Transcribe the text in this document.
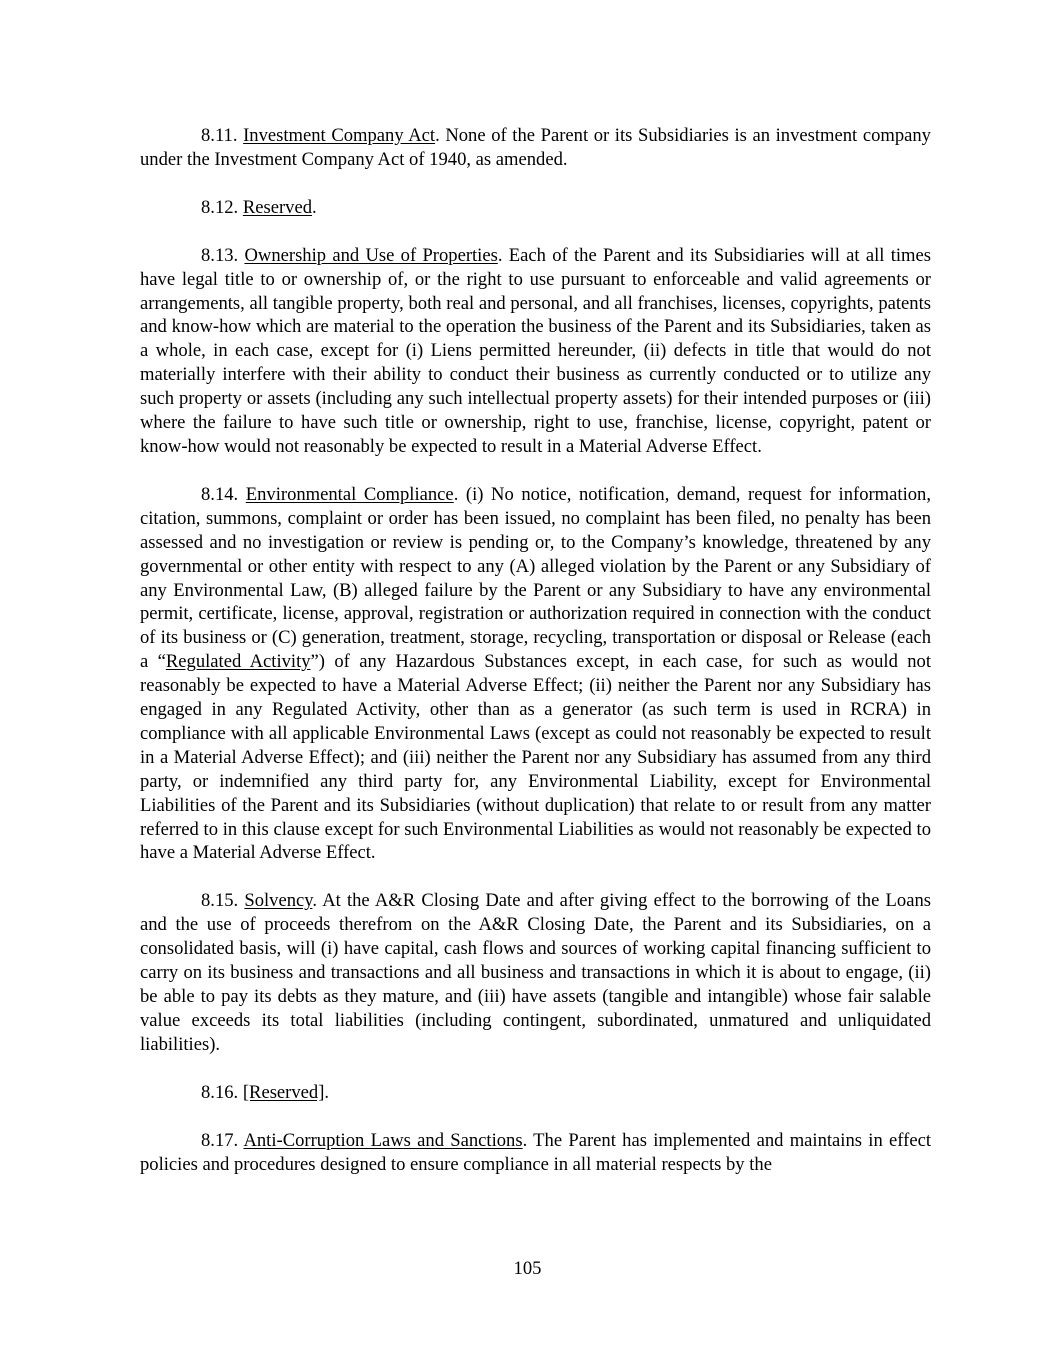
8.11. Investment Company Act. None of the Parent or its Subsidiaries is an investment company under the Investment Company Act of 1940, as amended.

8.12. Reserved.

8.13. Ownership and Use of Properties. Each of the Parent and its Subsidiaries will at all times have legal title to or ownership of, or the right to use pursuant to enforceable and valid agreements or arrangements, all tangible property, both real and personal, and all franchises, licenses, copyrights, patents and know-how which are material to the operation the business of the Parent and its Subsidiaries, taken as a whole, in each case, except for (i) Liens permitted hereunder, (ii) defects in title that would do not materially interfere with their ability to conduct their business as currently conducted or to utilize any such property or assets (including any such intellectual property assets) for their intended purposes or (iii) where the failure to have such title or ownership, right to use, franchise, license, copyright, patent or know-how would not reasonably be expected to result in a Material Adverse Effect.

8.14. Environmental Compliance. (i) No notice, notification, demand, request for information, citation, summons, complaint or order has been issued, no complaint has been filed, no penalty has been assessed and no investigation or review is pending or, to the Company’s knowledge, threatened by any governmental or other entity with respect to any (A) alleged violation by the Parent or any Subsidiary of any Environmental Law, (B) alleged failure by the Parent or any Subsidiary to have any environmental permit, certificate, license, approval, registration or authorization required in connection with the conduct of its business or (C) generation, treatment, storage, recycling, transportation or disposal or Release (each a “Regulated Activity”) of any Hazardous Substances except, in each case, for such as would not reasonably be expected to have a Material Adverse Effect; (ii) neither the Parent nor any Subsidiary has engaged in any Regulated Activity, other than as a generator (as such term is used in RCRA) in compliance with all applicable Environmental Laws (except as could not reasonably be expected to result in a Material Adverse Effect); and (iii) neither the Parent nor any Subsidiary has assumed from any third party, or indemnified any third party for, any Environmental Liability, except for Environmental Liabilities of the Parent and its Subsidiaries (without duplication) that relate to or result from any matter referred to in this clause except for such Environmental Liabilities as would not reasonably be expected to have a Material Adverse Effect.

8.15. Solvency. At the A&R Closing Date and after giving effect to the borrowing of the Loans and the use of proceeds therefrom on the A&R Closing Date, the Parent and its Subsidiaries, on a consolidated basis, will (i) have capital, cash flows and sources of working capital financing sufficient to carry on its business and transactions and all business and transactions in which it is about to engage, (ii) be able to pay its debts as they mature, and (iii) have assets (tangible and intangible) whose fair salable value exceeds its total liabilities (including contingent, subordinated, unmatured and unliquidated liabilities).

8.16. [Reserved].

8.17. Anti-Corruption Laws and Sanctions. The Parent has implemented and maintains in effect policies and procedures designed to ensure compliance in all material respects by the

105
